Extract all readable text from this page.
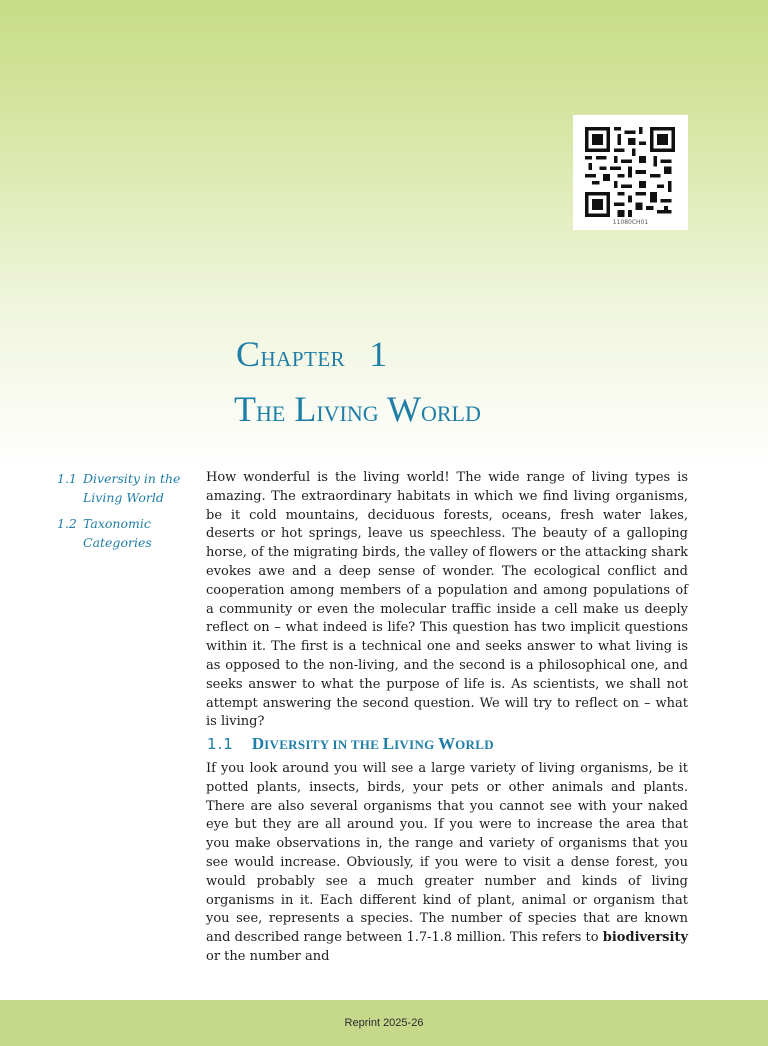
11080CH01
CHAPTER 1
THE LIVING WORLD
1.1 Diversity in the Living World
1.2 Taxonomic Categories

How wonderful is the living world! The wide range of living types is amazing. The extraordinary habitats in which we find living organisms, be it cold mountains, deciduous forests, oceans, fresh water lakes, deserts or hot springs, leave us speechless. The beauty of a galloping horse, of the migrating birds, the valley of flowers or the attacking shark evokes awe and a deep sense of wonder. The ecological conflict and cooperation among members of a population and among populations of a community or even the molecular traffic inside a cell make us deeply reflect on – what indeed is life? This question has two implicit questions within it. The first is a technical one and seeks answer to what living is as opposed to the non-living, and the second is a philosophical one, and seeks answer to what the purpose of life is. As scientists, we shall not attempt answering the second question. We will try to reflect on – what is living?

1.1 DIVERSITY IN THE LIVING WORLD

If you look around you will see a large variety of living organisms, be it potted plants, insects, birds, your pets or other animals and plants. There are also several organisms that you cannot see with your naked eye but they are all around you. If you were to increase the area that you make observations in, the range and variety of organisms that you see would increase. Obviously, if you were to visit a dense forest, you would probably see a much greater number and kinds of living organisms in it. Each different kind of plant, animal or organism that you see, represents a species. The number of species that are known and described range between 1.7-1.8 million. This refers to biodiversity or the number and

Reprint 2025-26
